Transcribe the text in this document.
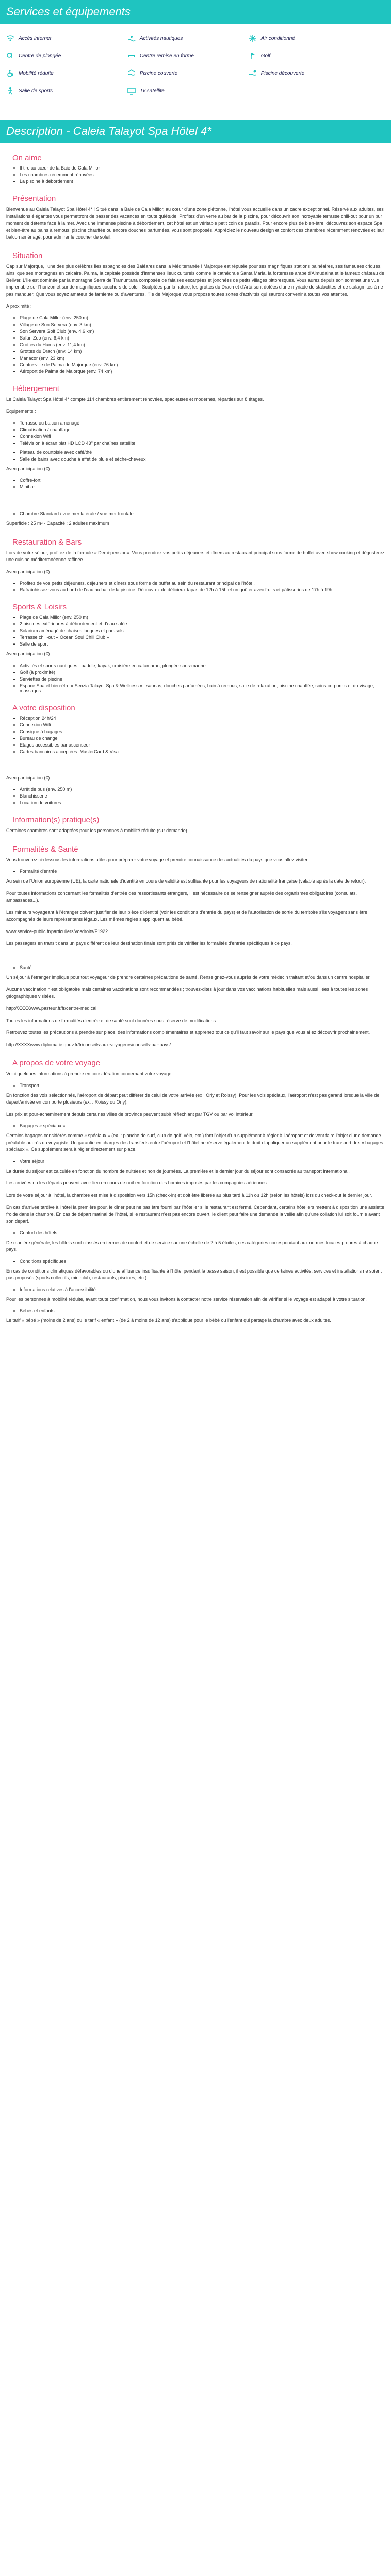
Services et équipements
Accès internet	Activités nautiques	Air conditionné
Centre de plongée	Centre remise en forme	Golf
Mobilité réduite	Piscine couverte	Piscine découverte
Salle de sports	Tv satellite
Description - Caleia Talayot Spa Hôtel 4*
On aime
• Il tire au cœur de la Baie de Cala Millor
• Les chambres récemment rénovées
• La piscine à débordement
Présentation

Bienvenue au Caleia Talayot Spa Hôtel 4* ! Situé dans la Baie de Cala Millor, au cœur d'une zone piétonne, l'hôtel vous accueille dans un cadre exceptionnel. Réservé aux adultes, ses installations élégantes vous permettront de passer des vacances en toute quiétude. Profitez d'un verre au bar de la piscine, pour découvrir son incroyable terrasse chill-out pour un pur moment de détente face à la mer. Avec une immense piscine à débordement, cet hôtel est un véritable petit coin de paradis. Pour encore plus de bien-être, découvrez son espace Spa et bien-être au bains à remous, piscine chauffée ou encore douches parfumées, vous sont proposés. Appréciez le nouveau design et confort des chambres récemment rénovées et leur balcon aménagé, pour admirer le coucher de soleil.

Situation

Cap sur Majorque, l'une des plus célèbres îles espagnoles des Baléares dans la Méditerranée ! Majorque est réputée pour ses magnifiques stations balnéaires, ses fameuses criques, ainsi que ses montagnes en calcaire. Palma, la capitale possède d'immenses lieux culturels comme la cathédrale Santa Maria, la forteresse arabe d'Almudaina et le fameux château de Bellver. L'île est dominée par la montagne Serra de Tramuntana composée de falaises escarpées et jonchées de petits villages pittoresques. Vous aurez depuis son sommet une vue imprenable sur l'horizon et sur de magnifiques couchers de soleil. Sculptées par la nature, les grottes du Drach et d'Artà sont dotées d'une myriade de stalactites et de stalagmites à ne pas manquer. Que vous soyez amateur de farniente ou d'aventures, l'île de Majorque vous propose toutes sortes d'activités qui sauront convenir à toutes vos attentes.

A proximité :

• Plage de Cala Millor (env. 250 m)
• Village de Son Servera (env. 3 km)
• Son Servera Golf Club (env. 4,6 km)
• Safari Zoo (env. 6,4 km)
• Grottes du Hams (env. 11,4 km)
• Grottes du Drach (env. 14 km)
• Manacor (env. 23 km)
• Centre-ville de Palma de Majorque (env. 76 km)
• Aéroport de Palma de Majorque (env. 74 km)
Hébergement

Le Caleia Talayot Spa Hôtel 4* compte 114 chambres entièrement rénovées, spacieuses et modernes, réparties sur 8 étages.

Equipements :

• Terrasse ou balcon aménagé
• Climatisation / chauffage
• Connexion Wifi
• Télévision à écran plat HD LCD 43" par chaînes satellite
• Plateau de courtoisie avec café/thé
• Salle de bains avec douche à effet de pluie et sèche-cheveux

Avec participation (€) :

• Coffre-fort
• Minibar
• Chambre Standard / vue mer latérale / vue mer frontale

Superficie : 25 m² - Capacité : 2 adultes maximum

Restauration & Bars

Lors de votre séjour, profitez de la formule « Demi-pension». Vous prendrez vos petits déjeuners et dîners au restaurant principal sous forme de buffet avec show cooking et dégusterez une cuisine méditerranéenne raffinée.

Avec participation (€) :

• Profitez de vos petits déjeuners, déjeuners et dîners sous forme de buffet au sein du restaurant principal de l'hôtel.
• Rafraîchissez-vous au bord de l'eau au bar de la piscine. Découvrez de délicieux tapas de 12h à 15h et un goûter avec fruits et pâtisseries de 17h à 19h.
Sports & Loisirs
• Plage de Cala Millor (env. 250 m)
• 2 piscines extérieures à débordement et d'eau salée
• Solarium aménagé de chaises longues et parasols
• Terrasse chill-out « Ocean Soul Chill Club »
• Salle de sport

Avec participation (€) :

• Activités et sports nautiques : paddle, kayak, croisière en catamaran, plongée sous-marine...
• Golf (à proximité)
• Serviettes de piscine
• Espace Spa et bien-être « Senzia Talayot Spa & Wellness » : saunas, douches parfumées, bain à remous, salle de relaxation, piscine chauffée, soins corporels et du visage, massages...
A votre disposition
• Réception 24h/24
• Connexion Wifi
• Consigne à bagages
• Bureau de change
• Etages accessibles par ascenseur
• Cartes bancaires acceptées: MasterCard & Visa

Avec participation (€) :

• Arrêt de bus (env. 250 m)
• Blanchisserie
• Location de voitures
Information(s) pratique(s)

Certaines chambres sont adaptées pour les personnes à mobilité réduite (sur demande).

Formalités & Santé

Vous trouverez ci-dessous les informations utiles pour préparer votre voyage et prendre connaissance des actualités du pays que vous allez visiter.

• Formalité d'entrée

Au sein de l'Union européenne (UE), la carte nationale d'identité en cours de validité est suffisante pour les voyageurs de nationalité française (valable après la date de retour).

Pour toutes informations concernant les formalités d'entrée des ressortissants étrangers, il est nécessaire de se renseigner auprès des organismes obligatoires (consulats, ambassades...).

Les mineurs voyageant à l'étranger doivent justifier de leur pièce d'identité (voir les conditions d'entrée du pays) et de l'autorisation de sortie du territoire s'ils voyagent sans être accompagnés de leurs représentants légaux. Les mêmes règles s'appliquent au bébé.

www.service-public.fr/particuliers/vosdroits/F1922

Les passagers en transit dans un pays différent de leur destination finale sont priés de vérifier les formalités d'entrée spécifiques à ce pays.

• Santé

Un séjour à l'étranger implique pour tout voyageur de prendre certaines précautions de santé. Renseignez-vous auprès de votre médecin traitant et/ou dans un centre hospitalier.

Aucune vaccination n'est obligatoire mais certaines vaccinations sont recommandées ; trouvez-dites à jour dans vos vaccinations habituelles mais aussi liées à toutes les zones géographiques visitées.

http://XXXXwww.pasteur.fr/fr/centre-medical

Toutes les informations de formalités d'entrée et de santé sont données sous réserve de modifications.

Retrouvez toutes les précautions à prendre sur place, des informations complémentaires et apprenez tout ce qu'il faut savoir sur le pays que vous allez découvrir prochainement.

http://XXXXwww.diplomatie.gouv.fr/fr/conseils-aux-voyageurs/conseils-par-pays/

A propos de votre voyage

Voici quelques informations à prendre en considération concernant votre voyage.

• Transport

En fonction des vols sélectionnés, l'aéroport de départ peut différer de celui de votre arrivée (ex : Orly et Roissy). Pour les vols spéciaux, l'aéroport n'est pas garanti lorsque la ville de départ/arrivée en comporte plusieurs (ex. : Roissy ou Orly).

Les prix et pour-acheminement depuis certaines villes de province peuvent subir réflechiant par TGV ou par vol intérieur.

• Bagages « spéciaux »

Certains bagages considérés comme « spéciaux » (ex. : planche de surf, club de golf, vélo, etc.) font l'objet d'un supplément à régler à l'aéroport et doivent faire l'objet d'une demande préalable auprès du voyagiste. Un garantie en charges des transferts entre l'aéroport et l'hôtel ne réserve également le droit d'appliquer un supplément pour le transport des « bagages spéciaux ». Ce supplément sera à régler directement sur place.

• Votre séjour

La durée du séjour est calculée en fonction du nombre de nuitées et non de journées. La première et le dernier jour du séjour sont consacrés au transport international.

Les arrivées ou les départs peuvent avoir lieu en cours de nuit en fonction des horaires imposés par les compagnies aériennes.

Lors de votre séjour à l'hôtel, la chambre est mise à disposition vers 15h (check-in) et doit être libérée au plus tard à 11h ou 12h (selon les hôtels) lors du check-out le dernier jour.

En cas d'arrivée tardive à l'hôtel la première pour, le dîner peut ne pas être fourni par l'hôtelier si le restaurant est fermé. Cependant, certains hôteliers mettent à disposition une assiette froide dans la chambre. En cas de départ matinal de l'hôtel, si le restaurant n'est pas encore ouvert, le client peut faire une demande la veille afin qu'une collation lui soit fournie avant son départ.

• Confort des hôtels

De manière générale, les hôtels sont classés en termes de confort et de service sur une échelle de 2 à 5 étoiles, ces catégories correspondant aux normes locales propres à chaque pays.

• Conditions spécifiques

En cas de conditions climatiques défavorables ou d'une affluence insuffisante à l'hôtel pendant la basse saison, il est possible que certaines activités, services et installations ne soient pas proposés (sports collectifs, mini-club, restaurants, piscines, etc.).

• Informations relatives à l'accessibilité

Pour les personnes à mobilité réduite, avant toute confirmation, nous vous invitons à contacter notre service réservation afin de vérifier si le voyage est adapté à votre situation.

• Bébés et enfants

Le tarif « bébé » (moins de 2 ans) ou le tarif « enfant » (de 2 à moins de 12 ans) s'applique pour le bébé ou l'enfant qui partage la chambre avec deux adultes.
